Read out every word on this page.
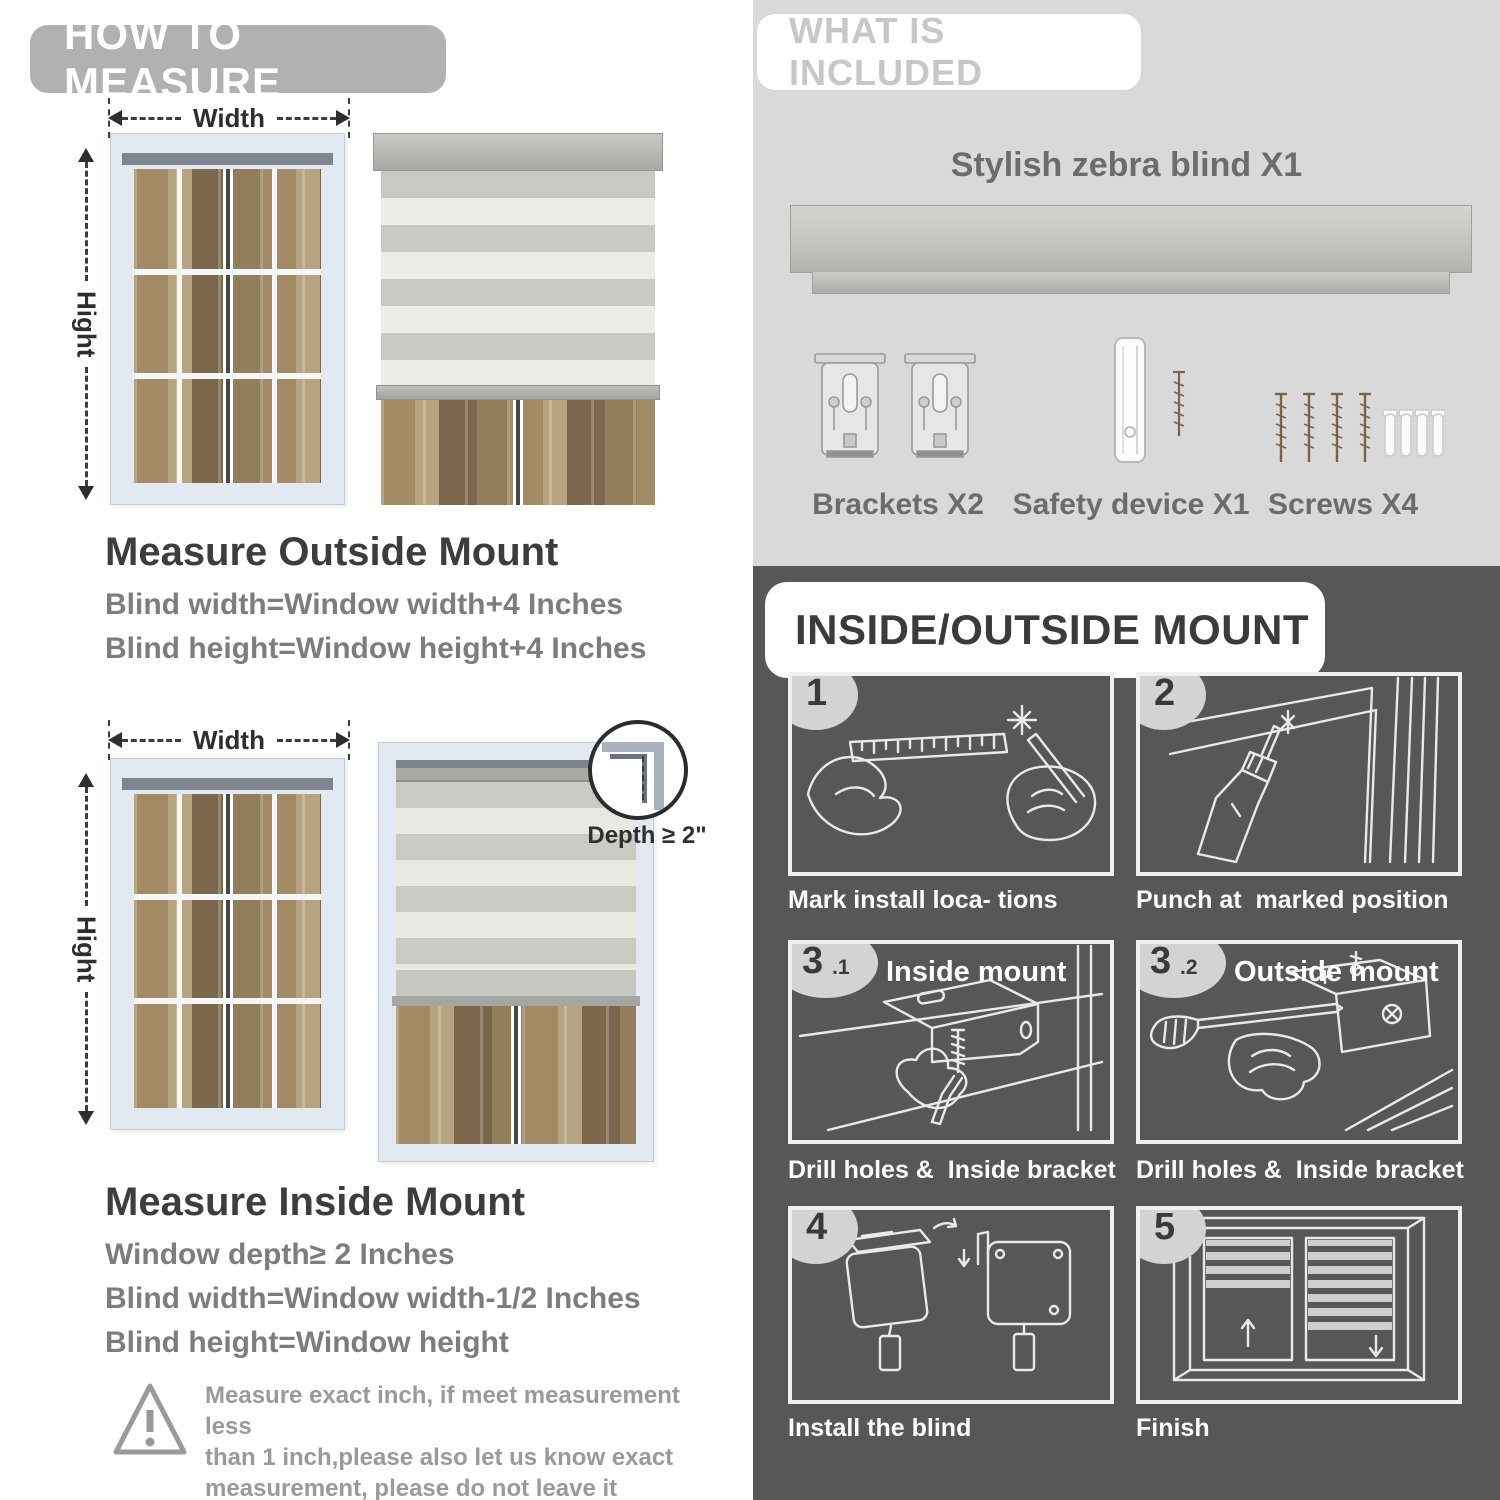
HOW TO MEASURE
Width
Hight
Measure Outside Mount
Blind width=Window width+4 Inches
Blind height=Window height+4 Inches
Width
Hight
Depth ≥ 2"
Measure Inside Mount
Window depth≥ 2 Inches
Blind width=Window width-1/2 Inches
Blind height=Window height
Measure exact inch, if meet measurement less
than 1 inch,please also let us know exact
measurement, please do not leave it
WHAT IS INCLUDED
Stylish zebra blind X1
Brackets X2 Safety device X1 Screws X4
INSIDE/OUTSIDE MOUNT
1
Mark install loca- tions
2
Punch at  marked position
3 .1 Inside mount
Drill holes &  Inside bracket
3 .2 Outside mount
Drill holes &  Inside bracket
4
Install the blind
5
Finish
